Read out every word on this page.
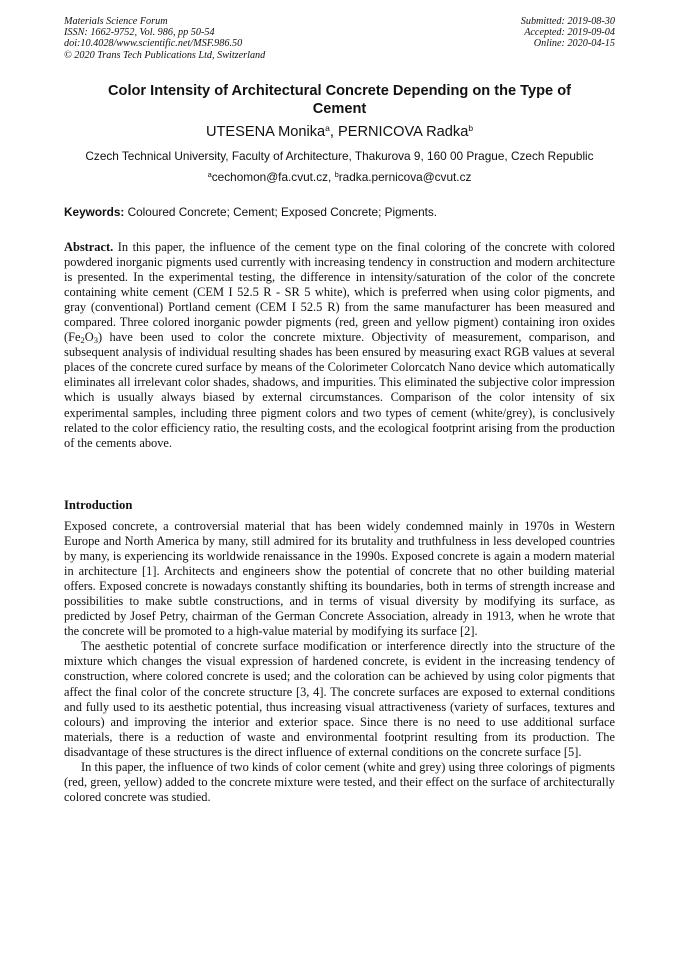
Materials Science Forum
ISSN: 1662-9752, Vol. 986, pp 50-54
doi:10.4028/www.scientific.net/MSF.986.50
© 2020 Trans Tech Publications Ltd, Switzerland
Submitted: 2019-08-30
Accepted: 2019-09-04
Online: 2020-04-15
Color Intensity of Architectural Concrete Depending on the Type of
Cement
UTESENA Monika$^a$, PERNICOVA Radka$^b$
Czech Technical University, Faculty of Architecture, Thakurova 9, 160 00 Prague, Czech Republic
$^a$cechomon@fa.cvut.cz, $^b$radka.pernicova@cvut.cz
Keywords: Coloured Concrete; Cement; Exposed Concrete; Pigments.
Abstract. In this paper, the influence of the cement type on the final coloring of the concrete with colored powdered inorganic pigments used currently with increasing tendency in construction and modern architecture is presented. In the experimental testing, the difference in intensity/saturation of the color of the concrete containing white cement (CEM I 52.5 R - SR 5 white), which is preferred when using color pigments, and gray (conventional) Portland cement (CEM I 52.5 R) from the same manufacturer has been measured and compared. Three colored inorganic powder pigments (red, green and yellow pigment) containing iron oxides $(Fe_2O_3)$ have been used to color the concrete mixture. Objectivity of measurement, comparison, and subsequent analysis of individual resulting shades has been ensured by measuring exact RGB values at several places of the concrete cured surface by means of the Colorimeter Colorcatch Nano device which automatically eliminates all irrelevant color shades, shadows, and impurities. This eliminated the subjective color impression which is usually always biased by external circumstances. Comparison of the color intensity of six experimental samples, including three pigment colors and two types of cement (white/grey), is conclusively related to the color efficiency ratio, the resulting costs, and the ecological footprint arising from the production of the cements above.
Introduction

Exposed concrete, a controversial material that has been widely condemned mainly in 1970s in Western Europe and North America by many, still admired for its brutality and truthfulness in less developed countries by many, is experiencing its worldwide renaissance in the 1990s. Exposed concrete is again a modern material in architecture [1]. Architects and engineers show the potential of concrete that no other building material offers. Exposed concrete is nowadays constantly shifting its boundaries, both in terms of strength increase and possibilities to make subtle constructions, and in terms of visual diversity by modifying its surface, as predicted by Josef Petry, chairman of the German Concrete Association, already in 1913, when he wrote that the concrete will be promoted to a high-value material by modifying its surface [2].

The aesthetic potential of concrete surface modification or interference directly into the structure of the mixture which changes the visual expression of hardened concrete, is evident in the increasing tendency of construction, where colored concrete is used; and the coloration can be achieved by using color pigments that affect the final color of the concrete structure [3, 4]. The concrete surfaces are exposed to external conditions and fully used to its aesthetic potential, thus increasing visual attractiveness (variety of surfaces, textures and colours) and improving the interior and exterior space. Since there is no need to use additional surface materials, there is a reduction of waste and environmental footprint resulting from its production. The disadvantage of these structures is the direct influence of external conditions on the concrete surface [5].

In this paper, the influence of two kinds of color cement (white and grey) using three colorings of pigments (red, green, yellow) added to the concrete mixture were tested, and their effect on the surface of architecturally colored concrete was studied.
